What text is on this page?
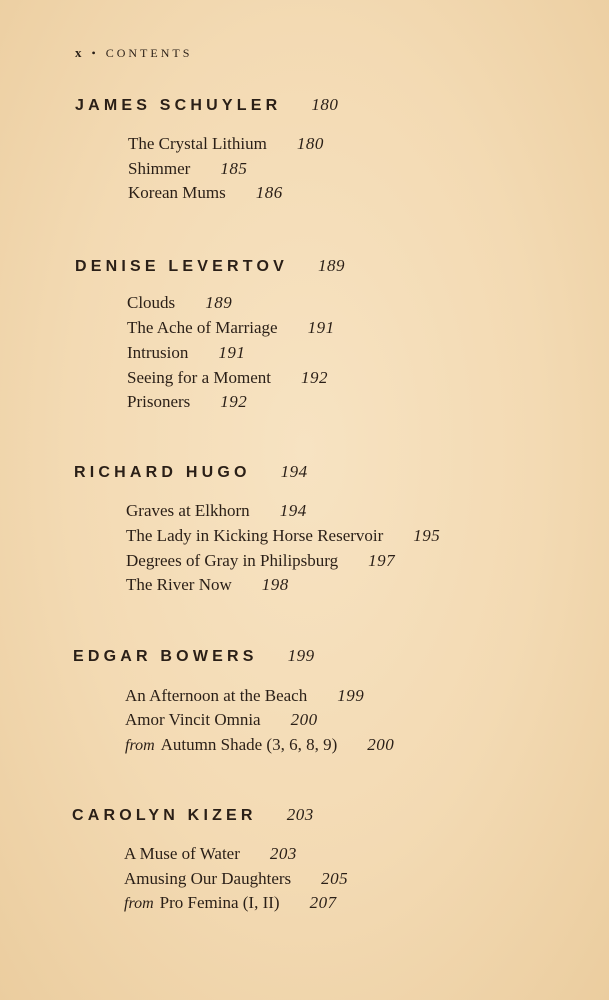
x • CONTENTS
JAMES SCHUYLER 180
The Crystal Lithium 180
Shimmer 185
Korean Mums 186
DENISE LEVERTOV 189
Clouds 189
The Ache of Marriage 191
Intrusion 191
Seeing for a Moment 192
Prisoners 192
RICHARD HUGO 194
Graves at Elkhorn 194
The Lady in Kicking Horse Reservoir 195
Degrees of Gray in Philipsburg 197
The River Now 198
EDGAR BOWERS 199
An Afternoon at the Beach 199
Amor Vincit Omnia 200
from Autumn Shade (3, 6, 8, 9) 200
CAROLYN KIZER 203
A Muse of Water 203
Amusing Our Daughters 205
from Pro Femina (I, II) 207
